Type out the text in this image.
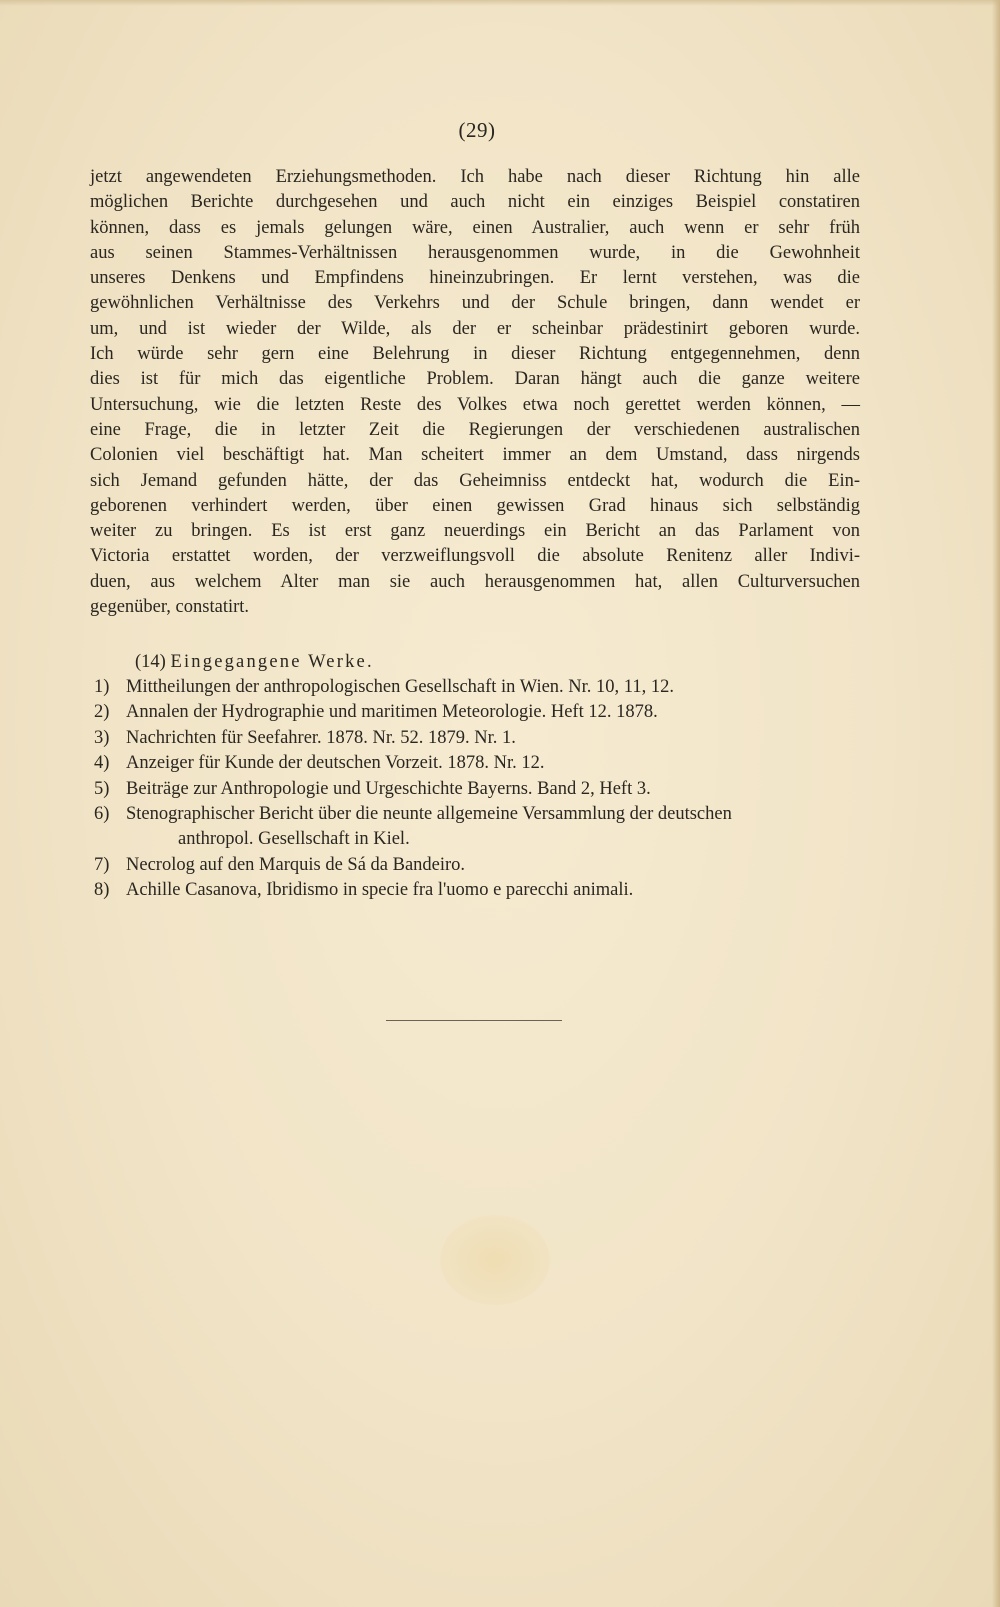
(29)
jetzt angewendeten Erziehungsmethoden. Ich habe nach dieser Richtung hin alle
möglichen Berichte durchgesehen und auch nicht ein einziges Beispiel constatiren
können, dass es jemals gelungen wäre, einen Australier, auch wenn er sehr früh
aus seinen Stammes-Verhältnissen herausgenommen wurde, in die Gewohnheit
unseres Denkens und Empfindens hineinzubringen. Er lernt verstehen, was die
gewöhnlichen Verhältnisse des Verkehrs und der Schule bringen, dann wendet er
um, und ist wieder der Wilde, als der er scheinbar prädestinirt geboren wurde.
Ich würde sehr gern eine Belehrung in dieser Richtung entgegennehmen, denn
dies ist für mich das eigentliche Problem. Daran hängt auch die ganze weitere
Untersuchung, wie die letzten Reste des Volkes etwa noch gerettet werden können, —
eine Frage, die in letzter Zeit die Regierungen der verschiedenen australischen
Colonien viel beschäftigt hat. Man scheitert immer an dem Umstand, dass nirgends
sich Jemand gefunden hätte, der das Geheimniss entdeckt hat, wodurch die Ein-
geborenen verhindert werden, über einen gewissen Grad hinaus sich selbständig
weiter zu bringen. Es ist erst ganz neuerdings ein Bericht an das Parlament von
Victoria erstattet worden, der verzweiflungsvoll die absolute Renitenz aller Indivi-
duen, aus welchem Alter man sie auch herausgenommen hat, allen Culturversuchen
gegenüber, constatirt.
(14) Eingegangene Werke.
1) Mittheilungen der anthropologischen Gesellschaft in Wien. Nr. 10, 11, 12.
2) Annalen der Hydrographie und maritimen Meteorologie. Heft 12. 1878.
3) Nachrichten für Seefahrer. 1878. Nr. 52. 1879. Nr. 1.
4) Anzeiger für Kunde der deutschen Vorzeit. 1878. Nr. 12.
5) Beiträge zur Anthropologie und Urgeschichte Bayerns. Band 2, Heft 3.
6) Stenographischer Bericht über die neunte allgemeine Versammlung der deutschen
anthropol. Gesellschaft in Kiel.
7) Necrolog auf den Marquis de Sá da Bandeiro.
8) Achille Casanova, Ibridismo in specie fra l'uomo e parecchi animali.
